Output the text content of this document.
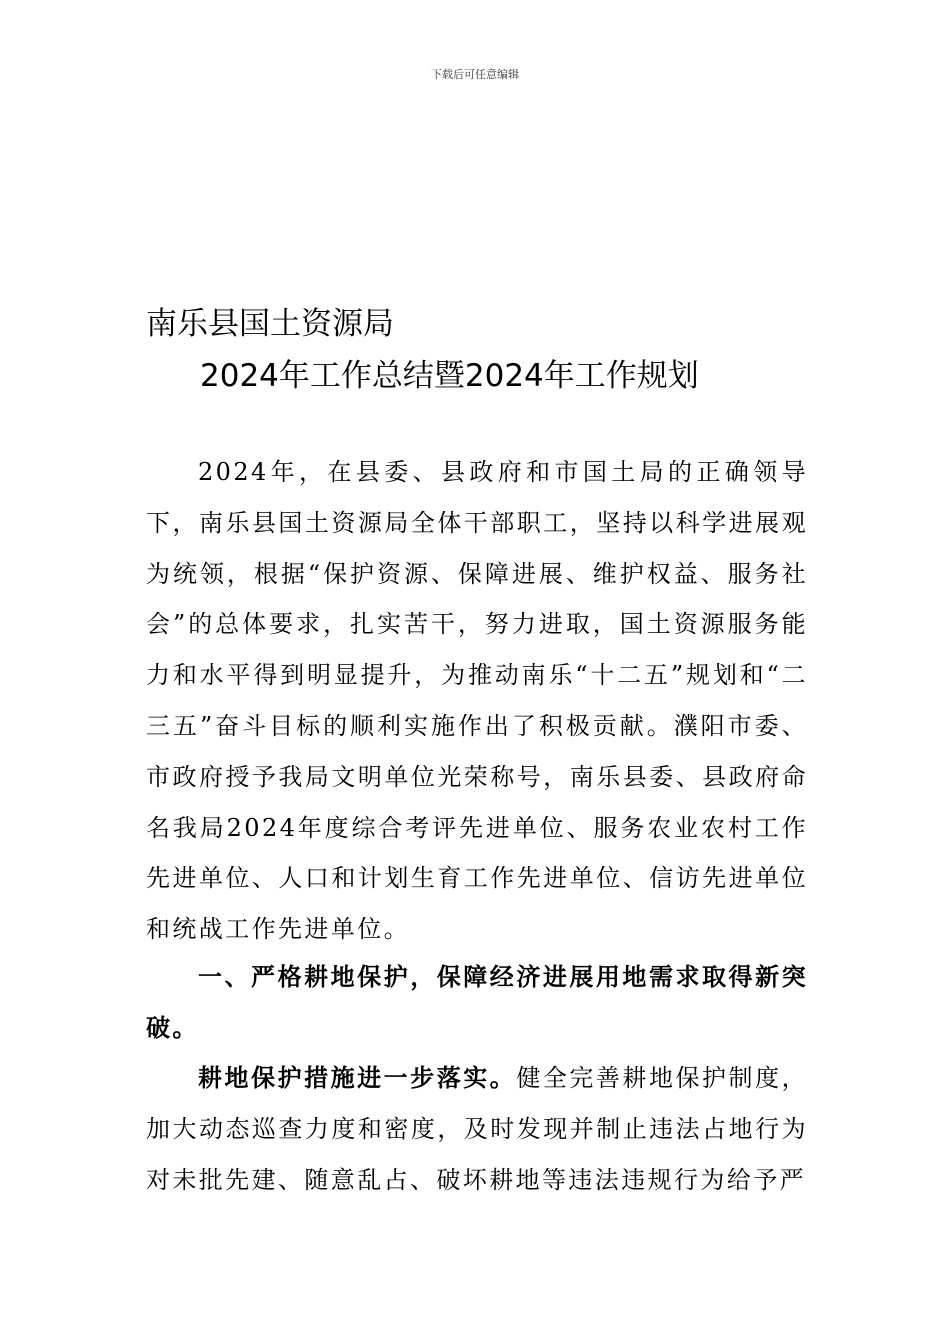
下载后可任意编辑
南乐县国土资源局
2024年工作总结暨2024年工作规划

2024年，在县委、县政府和市国土局的正确领导下，南乐县国土资源局全体干部职工，坚持以科学进展观为统领，根据“保护资源、保障进展、维护权益、服务社会”的总体要求，扎实苦干，努力进取，国土资源服务能力和水平得到明显提升，为推动南乐“十二五”规划和“二三五”奋斗目标的顺利实施作出了积极贡献。濮阳市委、市政府授予我局文明单位光荣称号，南乐县委、县政府命名我局2024年度综合考评先进单位、服务农业农村工作先进单位、人口和计划生育工作先进单位、信访先进单位和统战工作先进单位。

一、严格耕地保护，保障经济进展用地需求取得新突破。

耕地保护措施进一步落实。健全完善耕地保护制度，加大动态巡查力度和密度，及时发现并制止违法占地行为对未批先建、随意乱占、破坏耕地等违法违规行为给予严
